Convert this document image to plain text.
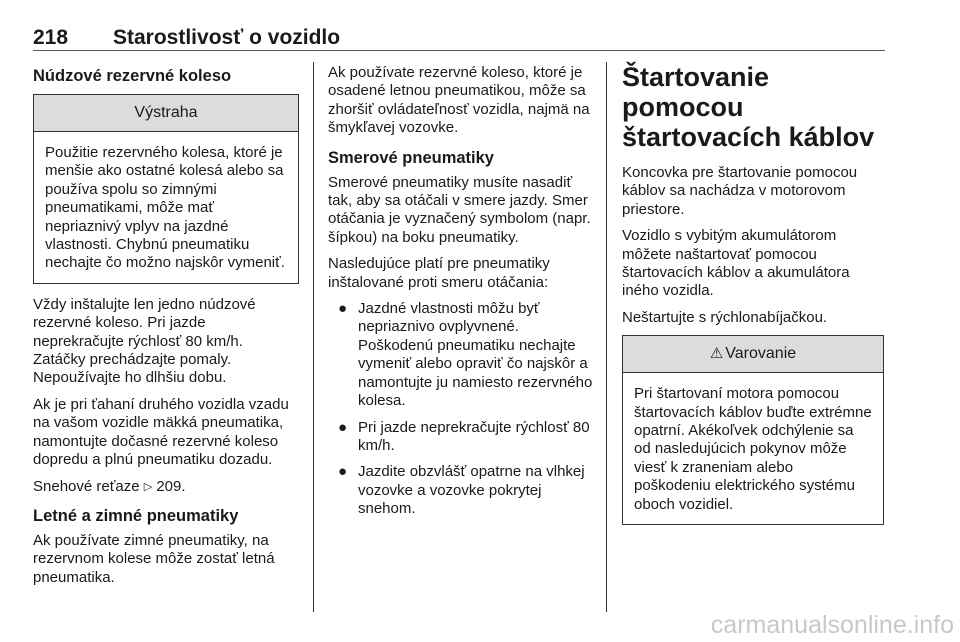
218 Starostlivosť o vozidlo
Núdzové rezervné koleso
Výstraha
Použitie rezervného kolesa, ktoré je menšie ako ostatné kolesá alebo sa používa spolu so zimnými pneumatikami, môže mať nepriaznivý vplyv na jazdné vlastnosti. Chybnú pneumatiku nechajte čo možno najskôr vymeniť.

Vždy inštalujte len jedno núdzové rezervné koleso. Pri jazde neprekračujte rýchlosť 80 km/h. Zatáčky prechádzajte pomaly. Nepoužívajte ho dlhšiu dobu.

Ak je pri ťahaní druhého vozidla vzadu na vašom vozidle mäkká pneumatika, namontujte dočasné rezervné koleso dopredu a plnú pneumatiku dozadu.

Snehové reťaze ▷ 209.

Letné a zimné pneumatiky

Ak používate zimné pneumatiky, na rezervnom kolese môže zostať letná pneumatika.

Ak používate rezervné koleso, ktoré je osadené letnou pneumatikou, môže sa zhoršiť ovládateľnosť vozidla, najmä na šmykľavej vozovke.

Smerové pneumatiky

Smerové pneumatiky musíte nasadiť tak, aby sa otáčali v smere jazdy. Smer otáčania je vyznačený symbolom (napr. šípkou) na boku pneumatiky.

Nasledujúce platí pre pneumatiky inštalované proti smeru otáčania:

● Jazdné vlastnosti môžu byť nepriaznivo ovplyvnené. Poškodenú pneumatiku nechajte vymeniť alebo opraviť čo najskôr a namontujte ju namiesto rezervného kolesa.
● Pri jazde neprekračujte rýchlosť 80 km/h.
● Jazdite obzvlášť opatrne na vlhkej vozovke a vozovke pokrytej snehom.
Štartovanie pomocou štartovacích káblov

Koncovka pre štartovanie pomocou káblov sa nachádza v motorovom priestore.

Vozidlo s vybitým akumulátorom môžete naštartovať pomocou štartovacích káblov a akumulátora iného vozidla.

Neštartujte s rýchlonabíjačkou.

⚠ Varovanie
Pri štartovaní motora pomocou štartovacích káblov buďte extrémne opatrní. Akékoľvek odchýlenie sa od nasledujúcich pokynov môže viesť k zraneniam alebo poškodeniu elektrického systému oboch vozidiel.
carmanualsonline.info
